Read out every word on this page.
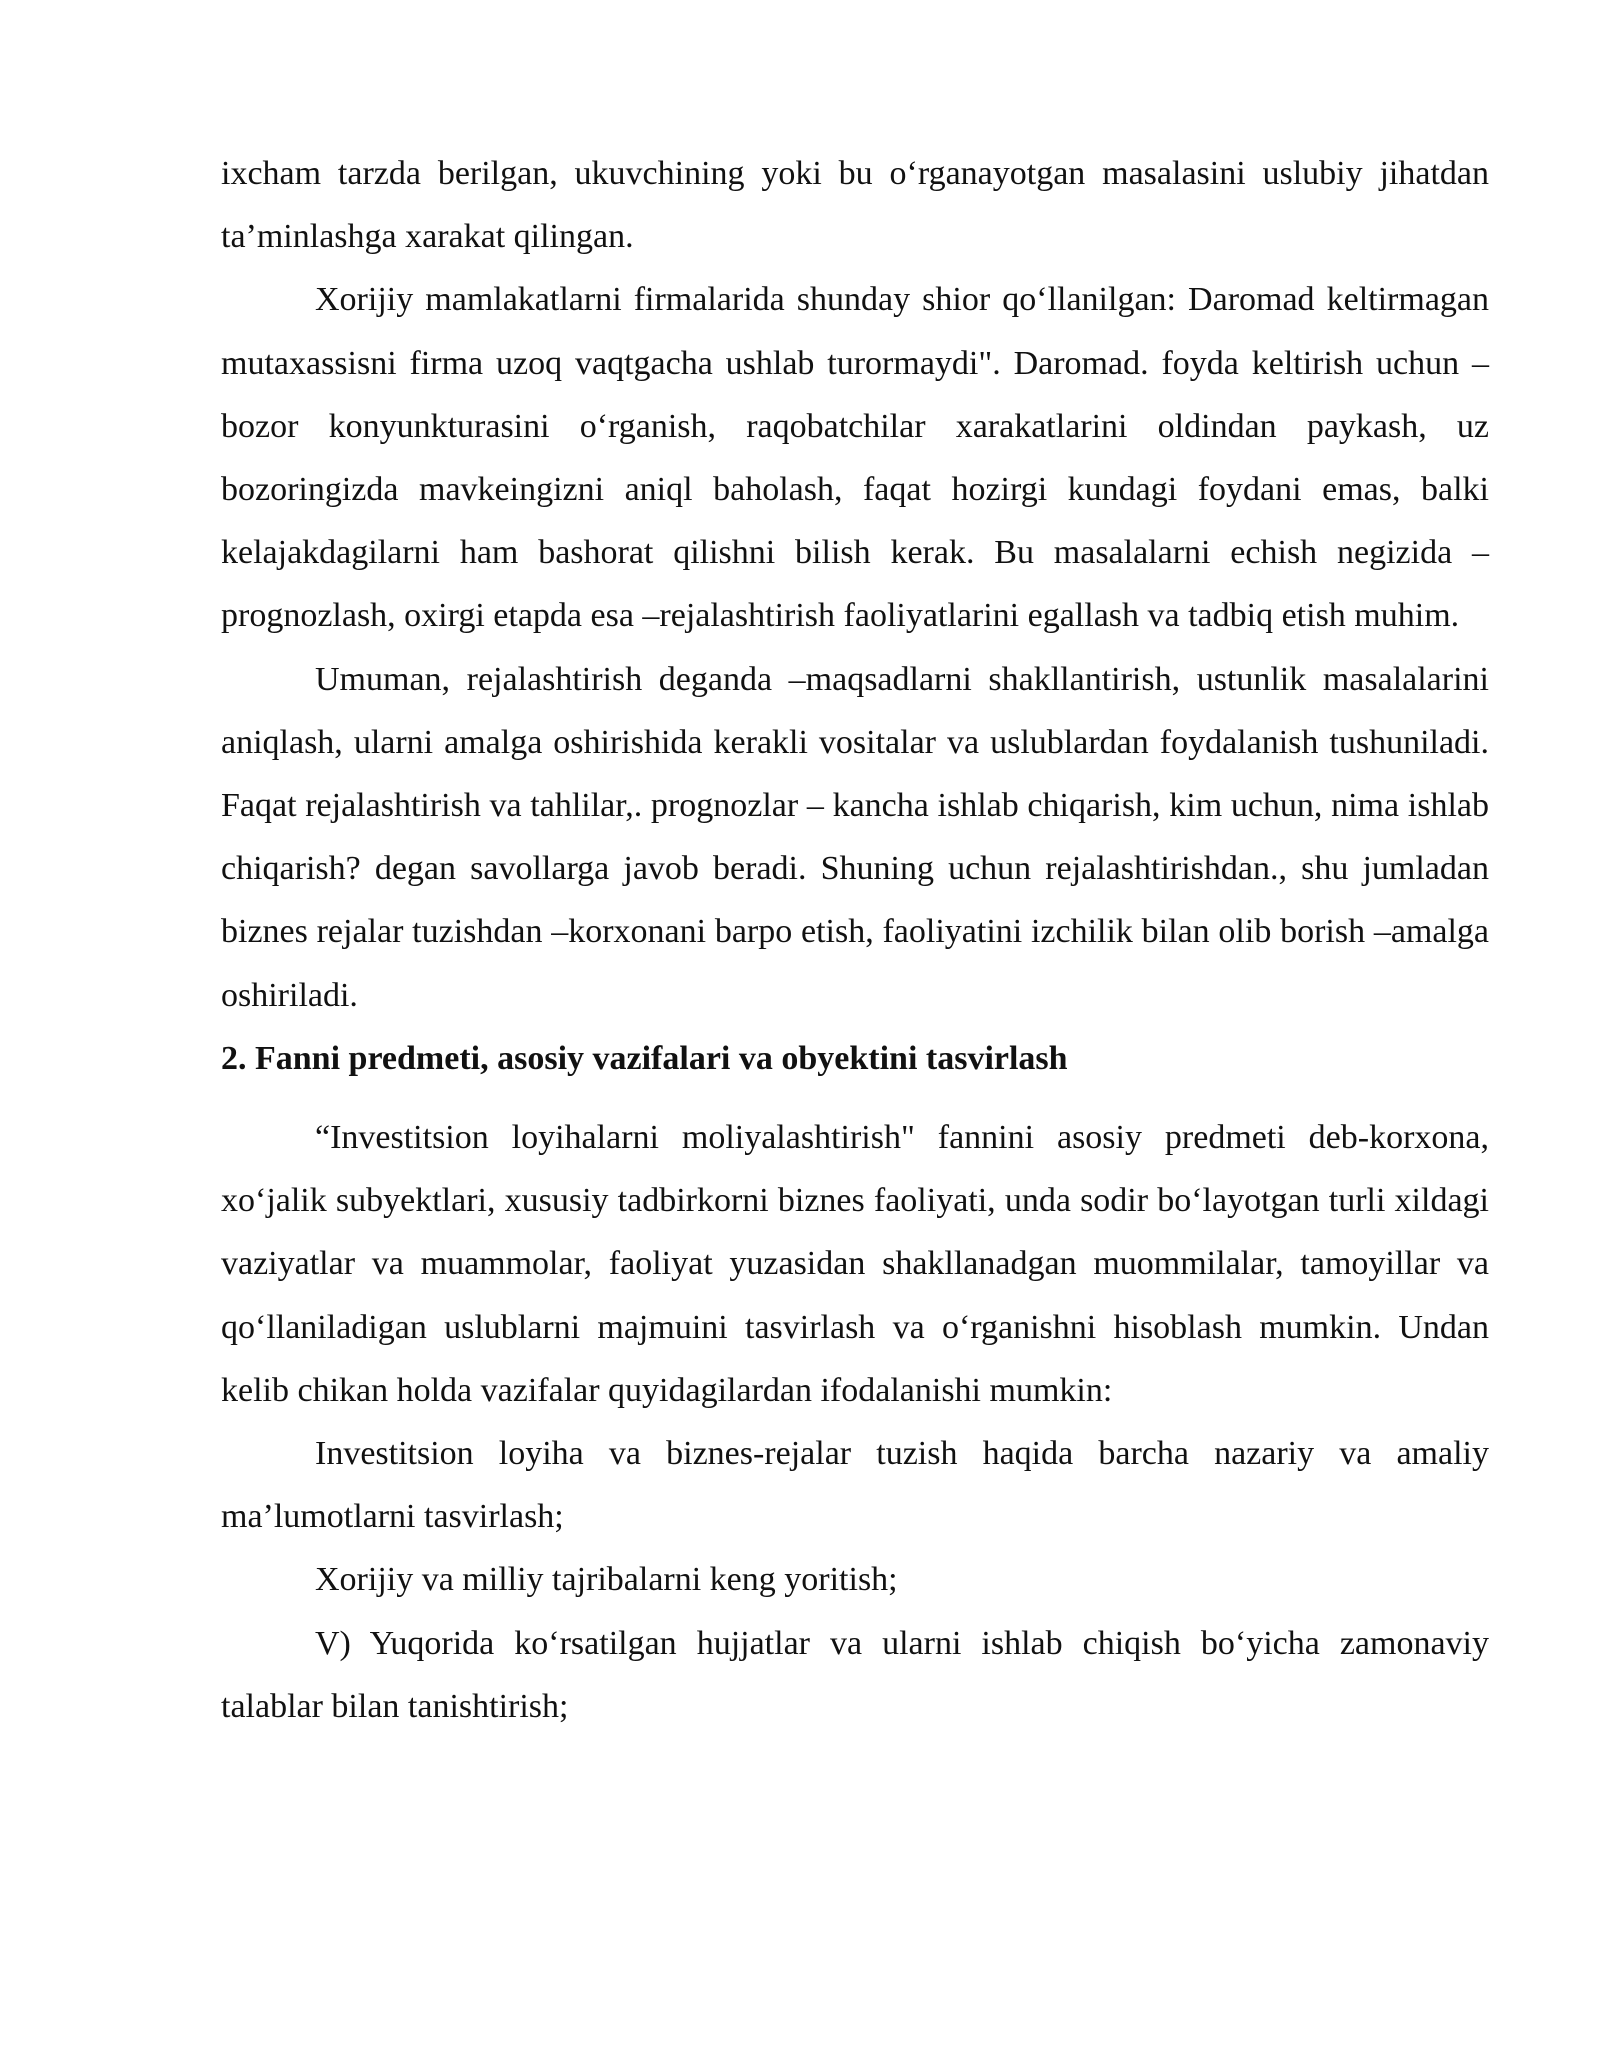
ixcham tarzda berilgan, ukuvchining yoki bu o‘rganayotgan masalasini uslubiy jihatdan ta’minlashga xarakat qilingan.

Xorijiy mamlakatlarni firmalarida shunday shior qo‘llanilgan: Daromad keltirmagan mutaxassisni firma uzoq vaqtgacha ushlab turormaydi". Daromad. foyda keltirish uchun –bozor konyunkturasini o‘rganish, raqobatchilar xarakatlarini oldindan paykash, uz bozoringizda mavkeingizni aniql baholash, faqat hozirgi kundagi foydani emas, balki kelajakdagilarni ham bashorat qilishni bilish kerak. Bu masalalarni echish negizida –prognozlash, oxirgi etapda esa –rejalashtirish faoliyatlarini egallash va tadbiq etish muhim.

Umuman, rejalashtirish deganda –maqsadlarni shakllantirish, ustunlik masalalarini aniqlash, ularni amalga oshirishida kerakli vositalar va uslublardan foydalanish tushuniladi. Faqat rejalashtirish va tahlilar,. prognozlar – kancha ishlab chiqarish, kim uchun, nima ishlab chiqarish? degan savollarga javob beradi. Shuning uchun rejalashtirishdan., shu jumladan biznes rejalar tuzishdan –korxonani barpo etish, faoliyatini izchilik bilan olib borish –amalga oshiriladi.

2. Fanni predmeti, asosiy vazifalari va obyektini tasvirlash

“Investitsion loyihalarni moliyalashtirish" fannini asosiy predmeti deb-korxona, xo‘jalik subyektlari, xususiy tadbirkorni biznes faoliyati, unda sodir bo‘layotgan turli xildagi vaziyatlar va muammolar, faoliyat yuzasidan shakllanadgan muommilalar, tamoyillar va qo‘llaniladigan uslublarni majmuini tasvirlash va o‘rganishni hisoblash mumkin. Undan kelib chikan holda vazifalar quyidagilardan ifodalanishi mumkin:

Investitsion loyiha va biznes-rejalar tuzish haqida barcha nazariy va amaliy ma’lumotlarni tasvirlash;

Xorijiy va milliy tajribalarni keng yoritish;

V) Yuqorida ko‘rsatilgan hujjatlar va ularni ishlab chiqish bo‘yicha zamonaviy talablar bilan tanishtirish;
